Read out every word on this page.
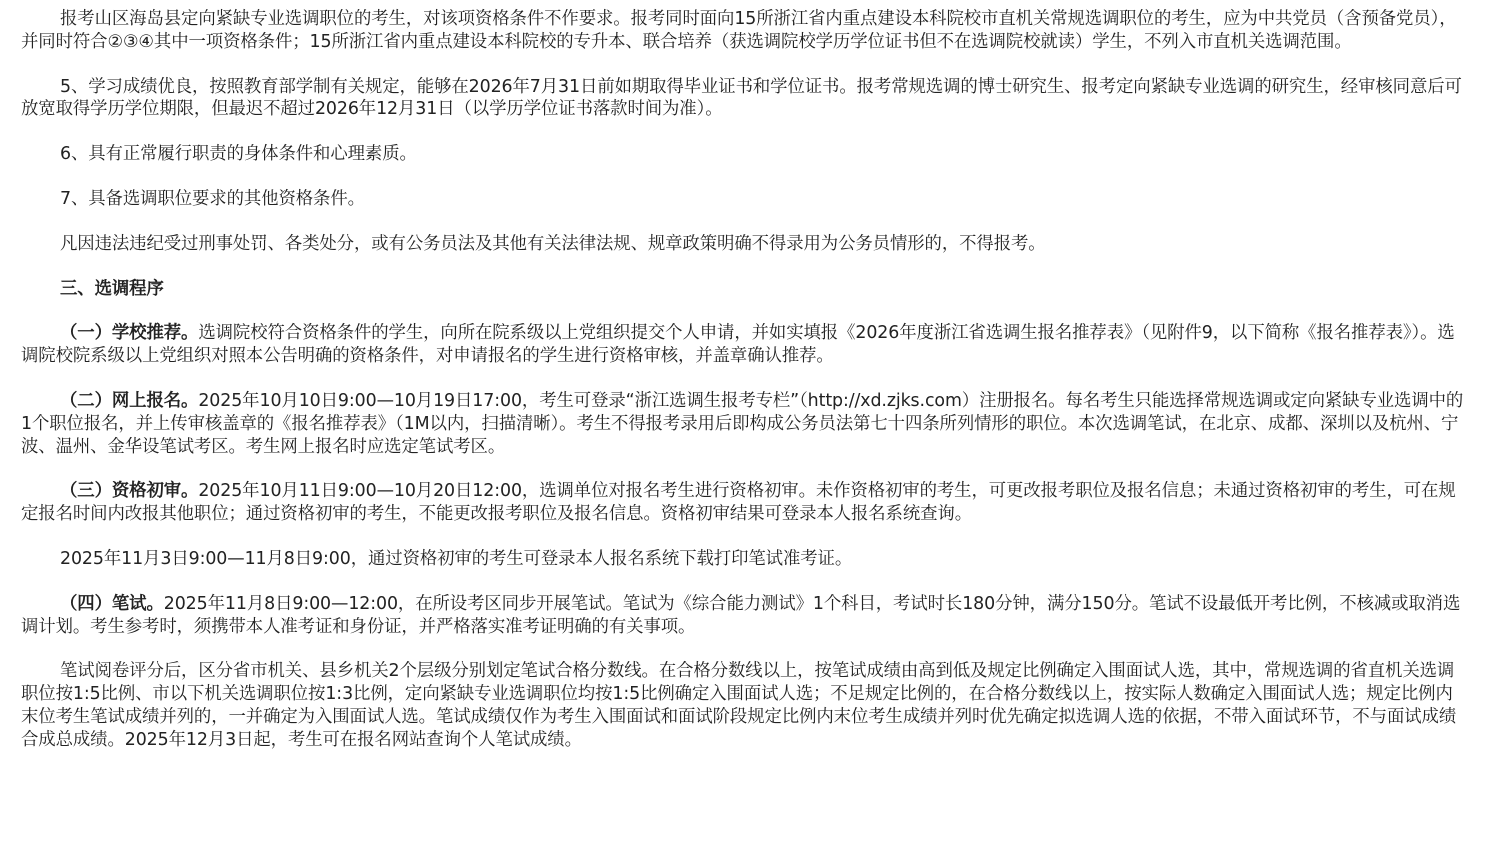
报考山区海岛县定向紧缺专业选调职位的考生，对该项资格条件不作要求。报考同时面向15所浙江省内重点建设本科院校市直机关常规选调职位的考生，应为中共党员（含预备党员），并同时符合②③④其中一项资格条件；15所浙江省内重点建设本科院校的专升本、联合培养（获选调院校学历学位证书但不在选调院校就读）学生，不列入市直机关选调范围。

5、学习成绩优良，按照教育部学制有关规定，能够在2026年7月31日前如期取得毕业证书和学位证书。报考常规选调的博士研究生、报考定向紧缺专业选调的研究生，经审核同意后可放宽取得学历学位期限，但最迟不超过2026年12月31日（以学历学位证书落款时间为准）。

6、具有正常履行职责的身体条件和心理素质。

7、具备选调职位要求的其他资格条件。

凡因违法违纪受过刑事处罚、各类处分，或有公务员法及其他有关法律法规、规章政策明确不得录用为公务员情形的，不得报考。

三、选调程序

（一）学校推荐。选调院校符合资格条件的学生，向所在院系级以上党组织提交个人申请，并如实填报《2026年度浙江省选调生报名推荐表》（见附件9，以下简称《报名推荐表》）。选调院校院系级以上党组织对照本公告明确的资格条件，对申请报名的学生进行资格审核，并盖章确认推荐。

（二）网上报名。2025年10月10日9:00—10月19日17:00，考生可登录“浙江选调生报考专栏”（http://xd.zjks.com）注册报名。每名考生只能选择常规选调或定向紧缺专业选调中的1个职位报名，并上传审核盖章的《报名推荐表》（1M以内，扫描清晰）。考生不得报考录用后即构成公务员法第七十四条所列情形的职位。本次选调笔试，在北京、成都、深圳以及杭州、宁波、温州、金华设笔试考区。考生网上报名时应选定笔试考区。

（三）资格初审。2025年10月11日9:00—10月20日12:00，选调单位对报名考生进行资格初审。未作资格初审的考生，可更改报考职位及报名信息；未通过资格初审的考生，可在规定报名时间内改报其他职位；通过资格初审的考生，不能更改报考职位及报名信息。资格初审结果可登录本人报名系统查询。

2025年11月3日9:00—11月8日9:00，通过资格初审的考生可登录本人报名系统下载打印笔试准考证。

（四）笔试。2025年11月8日9:00—12:00，在所设考区同步开展笔试。笔试为《综合能力测试》1个科目，考试时长180分钟，满分150分。笔试不设最低开考比例，不核减或取消选调计划。考生参考时，须携带本人准考证和身份证，并严格落实准考证明确的有关事项。

笔试阅卷评分后，区分省市机关、县乡机关2个层级分别划定笔试合格分数线。在合格分数线以上，按笔试成绩由高到低及规定比例确定入围面试人选，其中，常规选调的省直机关选调职位按1:5比例、市以下机关选调职位按1:3比例，定向紧缺专业选调职位均按1:5比例确定入围面试人选；不足规定比例的，在合格分数线以上，按实际人数确定入围面试人选；规定比例内末位考生笔试成绩并列的，一并确定为入围面试人选。笔试成绩仅作为考生入围面试和面试阶段规定比例内末位考生成绩并列时优先确定拟选调人选的依据，不带入面试环节，不与面试成绩合成总成绩。2025年12月3日起，考生可在报名网站查询个人笔试成绩。
